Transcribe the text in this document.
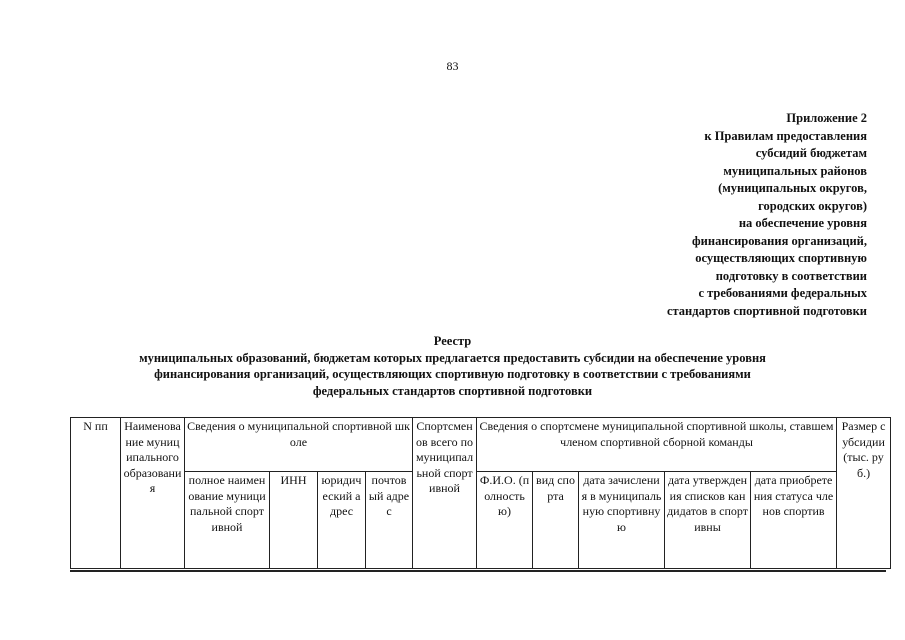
83
Приложение 2
к Правилам предоставления
субсидий бюджетам
муниципальных районов
(муниципальных округов,
городских округов)
на обеспечение уровня
финансирования организаций,
осуществляющих спортивную
подготовку в соответствии
с требованиями федеральных
стандартов спортивной подготовки
Реестр
муниципальных образований, бюджетам которых предлагается предоставить субсидии на обеспечение уровня
финансирования организаций, осуществляющих спортивную подготовку в соответствии с требованиями
федеральных стандартов спортивной подготовки
N пп	Наименование муниципального образования	Сведения о муниципальной спортивной школе				Спортсменов всего по муниципальной спортивной	Сведения о спортсмене муниципальной спортивной школы, ставшем членом спортивной сборной команды					Размер субсидии (тыс. руб.)
		полное наименование муниципальной спортивной	ИНН	юридический адрес	почтовый адрес		Ф.И.О. (полностью)	вид спорта	дата зачисления в муниципальную спортивную	дата утверждения списков кандидатов в спортивны	дата приобретения статуса членов спортив	
